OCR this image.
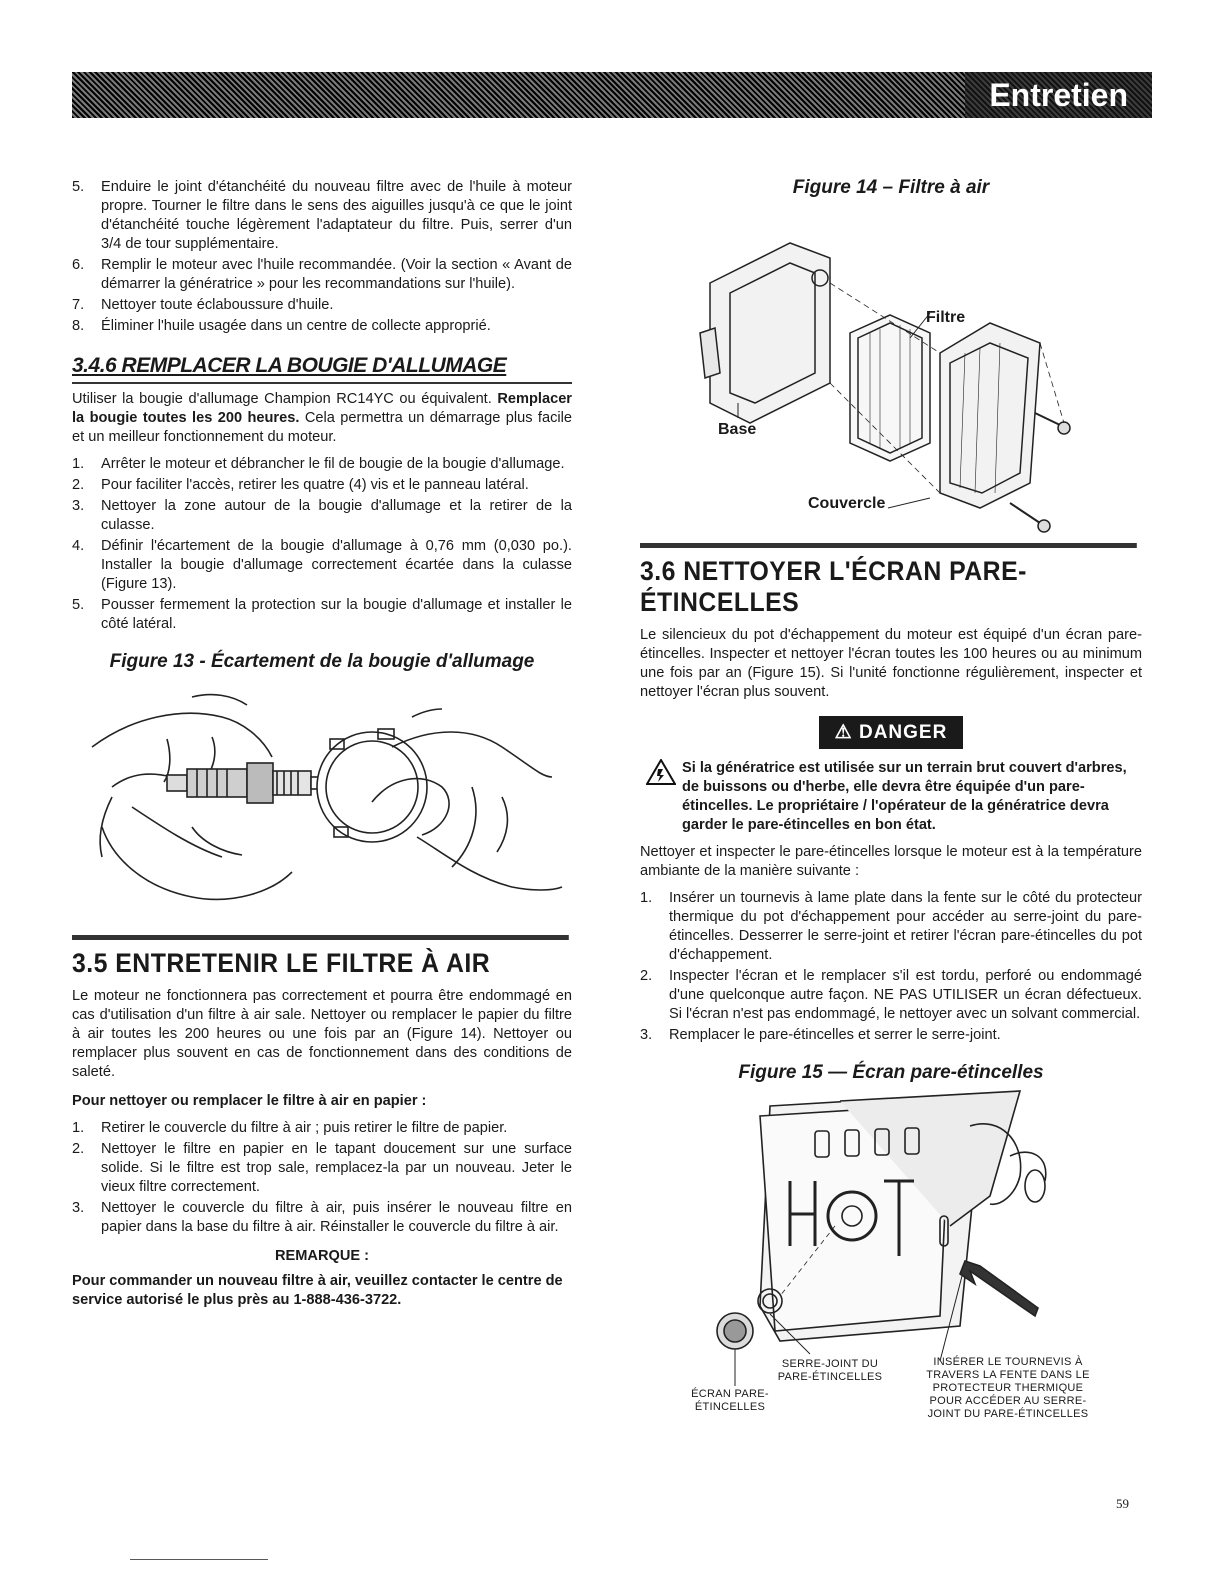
Entretien
5.	Enduire le joint d'étanchéité du nouveau filtre avec de l'huile à moteur propre. Tourner le filtre dans le sens des aiguilles jusqu'à ce que le joint d'étanchéité touche légèrement l'adaptateur du filtre. Puis, serrer d'un 3/4 de tour supplémentaire.
6.	Remplir le moteur avec l'huile recommandée. (Voir la section « Avant de démarrer la génératrice » pour les recommandations sur l'huile).
7.	Nettoyer toute éclaboussure d'huile.
8.	Éliminer l'huile usagée dans un centre de collecte approprié.
3.4.6 REMPLACER LA BOUGIE D'ALLUMAGE

Utiliser la bougie d'allumage Champion RC14YC ou équivalent. Remplacer la bougie toutes les 200 heures. Cela permettra un démarrage plus facile et un meilleur fonctionnement du moteur.

1.	Arrêter le moteur et débrancher le fil de bougie de la bougie d'allumage.
2.	Pour faciliter l'accès, retirer les quatre (4) vis et le panneau latéral.
3.	Nettoyer la zone autour de la bougie d'allumage et la retirer de la culasse.
4.	Définir l'écartement de la bougie d'allumage à 0,76 mm (0,030 po.). Installer la bougie d'allumage correctement écartée dans la culasse (Figure 13).
5.	Pousser fermement la protection sur la bougie d'allumage et installer le côté latéral.

Figure 13 - Écartement de la bougie d'allumage

3.5 ENTRETENIR LE FILTRE À AIR

Le moteur ne fonctionnera pas correctement et pourra être endommagé en cas d'utilisation d'un filtre à air sale. Nettoyer ou remplacer le papier du filtre à air toutes les 200 heures ou une fois par an (Figure 14). Nettoyer ou remplacer plus souvent en cas de fonctionnement dans des conditions de saleté.

Pour nettoyer ou remplacer le filtre à air en papier :

1.	Retirer le couvercle du filtre à air ; puis retirer le filtre de papier.
2.	Nettoyer le filtre en papier en le tapant doucement sur une surface solide. Si le filtre est trop sale, remplacez-la par un nouveau. Jeter le vieux filtre correctement.
3.	Nettoyer le couvercle du filtre à air, puis insérer le nouveau filtre en papier dans la base du filtre à air. Réinstaller le couvercle du filtre à air.

REMARQUE :

Pour commander un nouveau filtre à air, veuillez contacter le centre de service autorisé le plus près au 1-888-436-3722.

Figure 14 – Filtre à air

Filtre
Base
Couvercle
3.6 NETTOYER L'ÉCRAN PARE-ÉTINCELLES

Le silencieux du pot d'échappement du moteur est équipé d'un écran pare-étincelles. Inspecter et nettoyer l'écran toutes les 100 heures ou au minimum une fois par an (Figure 15). Si l'unité fonctionne régulièrement, inspecter et nettoyer l'écran plus souvent.

⚠ DANGER
Si la génératrice est utilisée sur un terrain brut couvert d'arbres, de buissons ou d'herbe, elle devra être équipée d'un pare-étincelles. Le propriétaire / l'opérateur de la génératrice devra garder le pare-étincelles en bon état.

Nettoyer et inspecter le pare-étincelles lorsque le moteur est à la température ambiante de la manière suivante :

1.	Insérer un tournevis à lame plate dans la fente sur le côté du protecteur thermique du pot d'échappement pour accéder au serre-joint du pare-étincelles. Desserrer le serre-joint et retirer l'écran pare-étincelles du pot d'échappement.
2.	Inspecter l'écran et le remplacer s'il est tordu, perforé ou endommagé d'une quelconque autre façon. NE PAS UTILISER un écran défectueux. Si l'écran n'est pas endommagé, le nettoyer avec un solvant commercial.
3.	Remplacer le pare-étincelles et serrer le serre-joint.

Figure 15 — Écran pare-étincelles

SERRE-JOINT DU PARE-ÉTINCELLES
ÉCRAN PARE-ÉTINCELLES
INSÉRER LE TOURNEVIS À TRAVERS LA FENTE DANS LE PROTECTEUR THERMIQUE POUR ACCÉDER AU SERRE-JOINT DU PARE-ÉTINCELLES
59
